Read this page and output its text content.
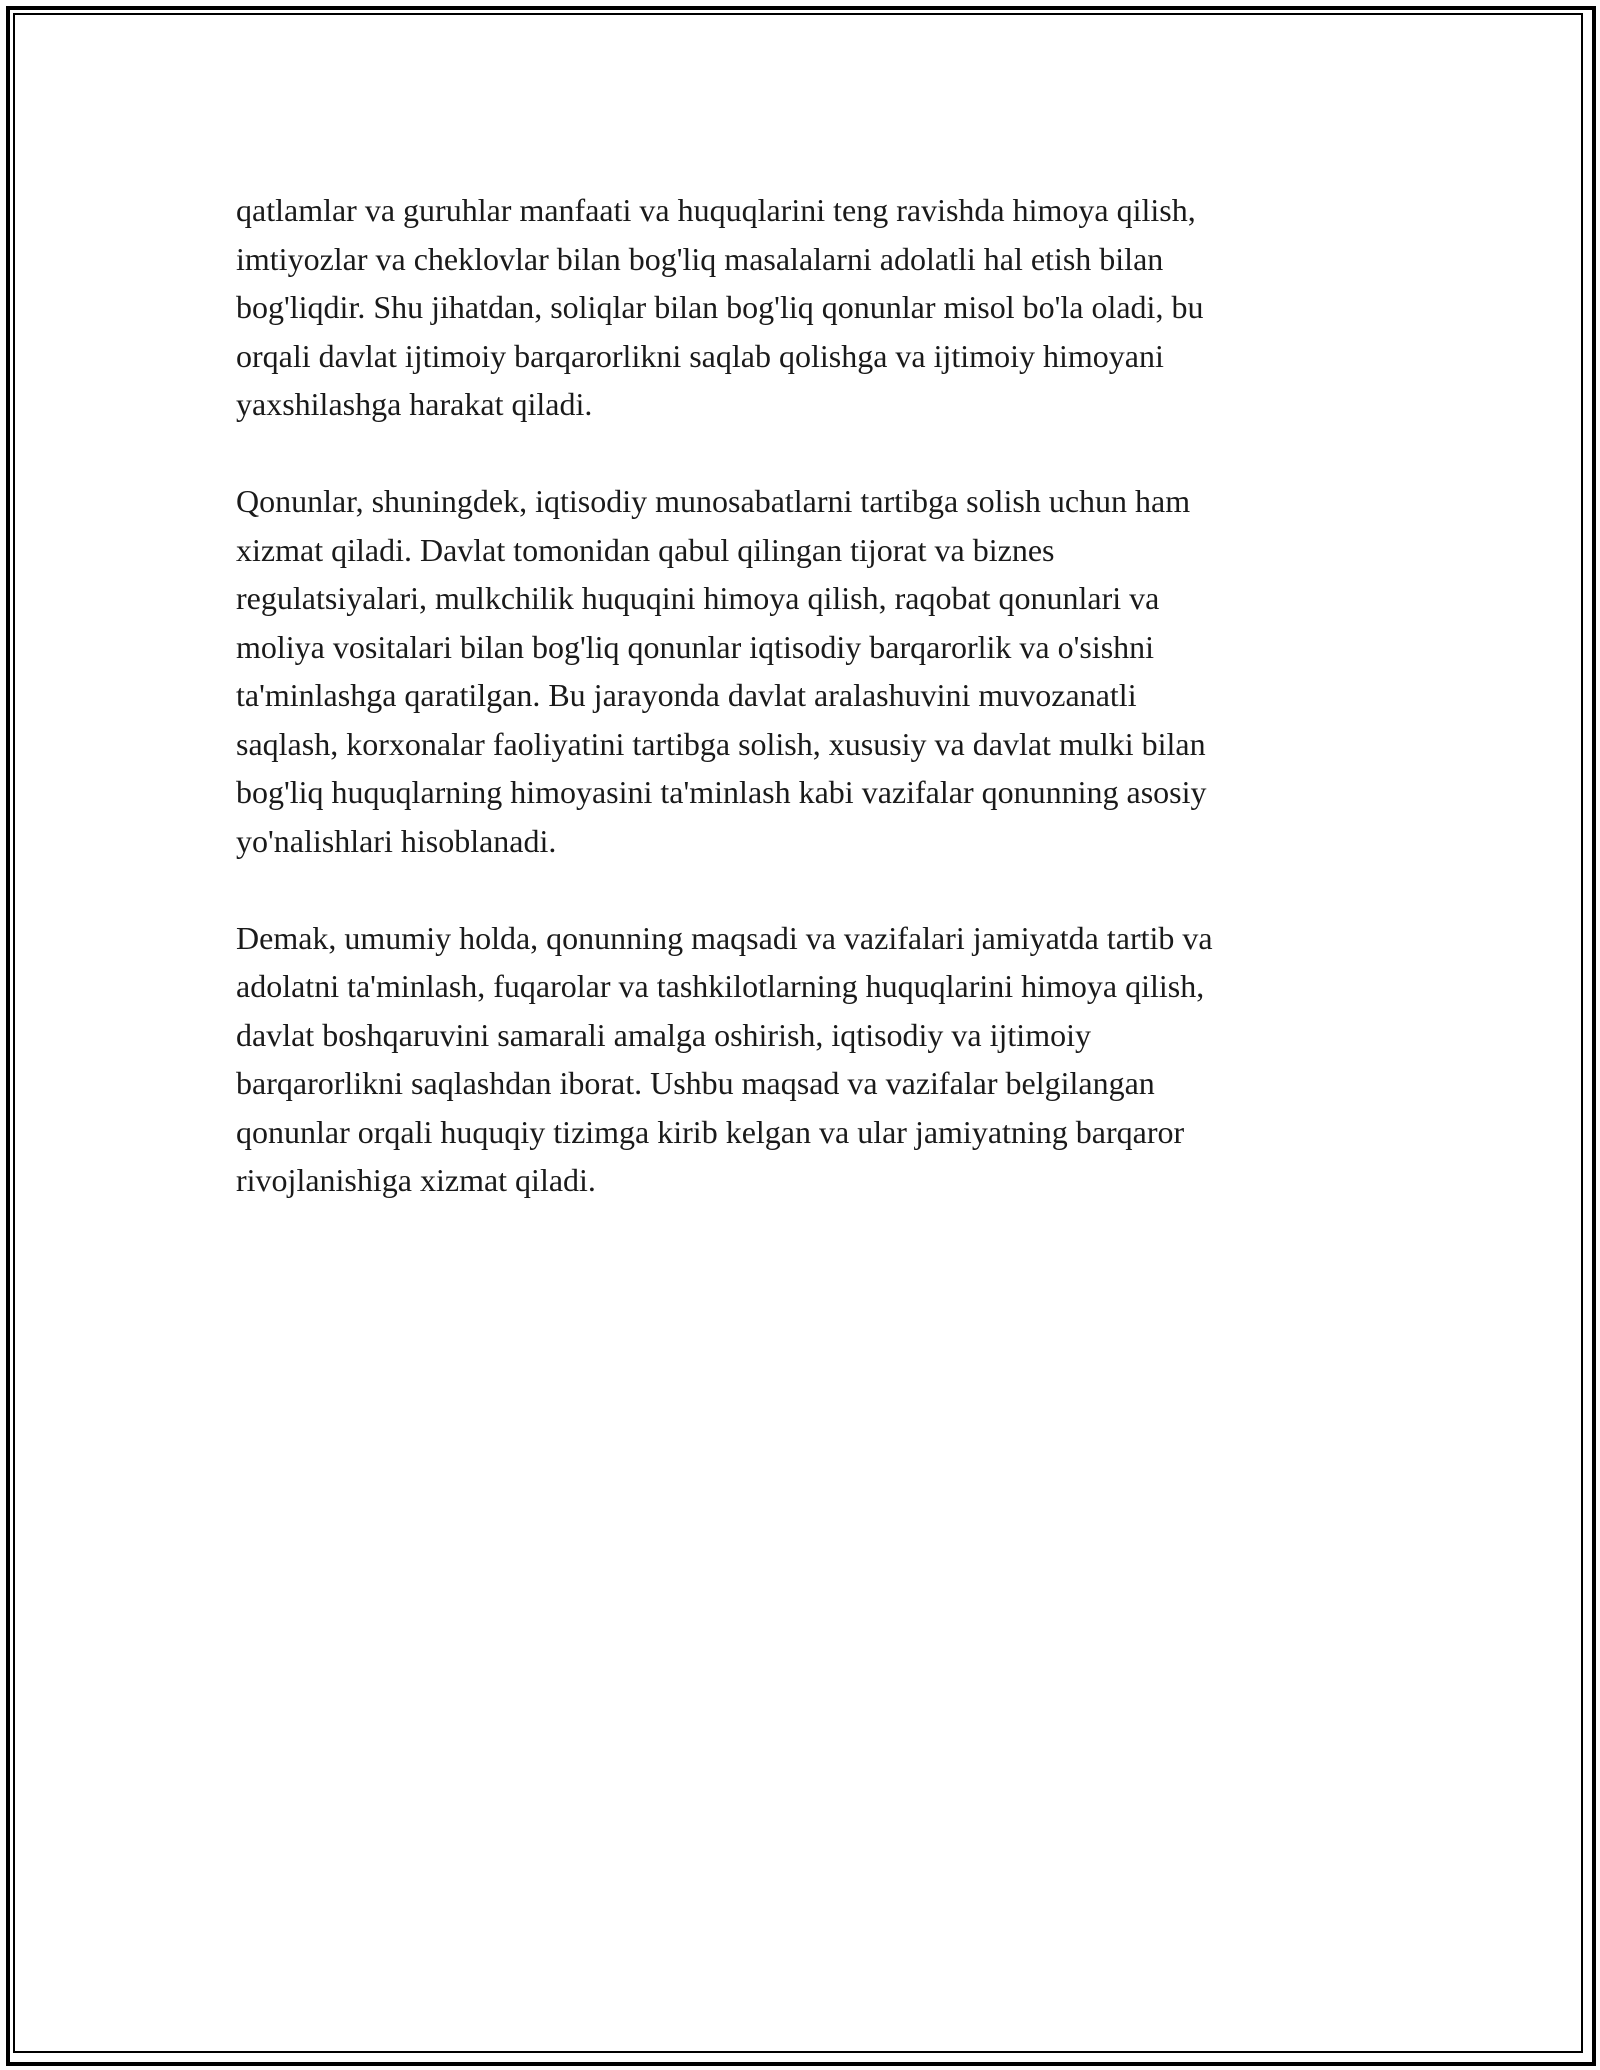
qatlamlar va guruhlar manfaati va huquqlarini teng ravishda himoya qilish,
imtiyozlar va cheklovlar bilan bog'liq masalalarni adolatli hal etish bilan
bog'liqdir. Shu jihatdan, soliqlar bilan bog'liq qonunlar misol bo'la oladi, bu
orqali davlat ijtimoiy barqarorlikni saqlab qolishga va ijtimoiy himoyani
yaxshilashga harakat qiladi.

Qonunlar, shuningdek, iqtisodiy munosabatlarni tartibga solish uchun ham
xizmat qiladi. Davlat tomonidan qabul qilingan tijorat va biznes
regulatsiyalari, mulkchilik huquqini himoya qilish, raqobat qonunlari va
moliya vositalari bilan bog'liq qonunlar iqtisodiy barqarorlik va o'sishni
ta'minlashga qaratilgan. Bu jarayonda davlat aralashuvini muvozanatli
saqlash, korxonalar faoliyatini tartibga solish, xususiy va davlat mulki bilan
bog'liq huquqlarning himoyasini ta'minlash kabi vazifalar qonunning asosiy
yo'nalishlari hisoblanadi.

Demak, umumiy holda, qonunning maqsadi va vazifalari jamiyatda tartib va
adolatni ta'minlash, fuqarolar va tashkilotlarning huquqlarini himoya qilish,
davlat boshqaruvini samarali amalga oshirish, iqtisodiy va ijtimoiy
barqarorlikni saqlashdan iborat. Ushbu maqsad va vazifalar belgilangan
qonunlar orqali huquqiy tizimga kirib kelgan va ular jamiyatning barqaror
rivojlanishiga xizmat qiladi.
